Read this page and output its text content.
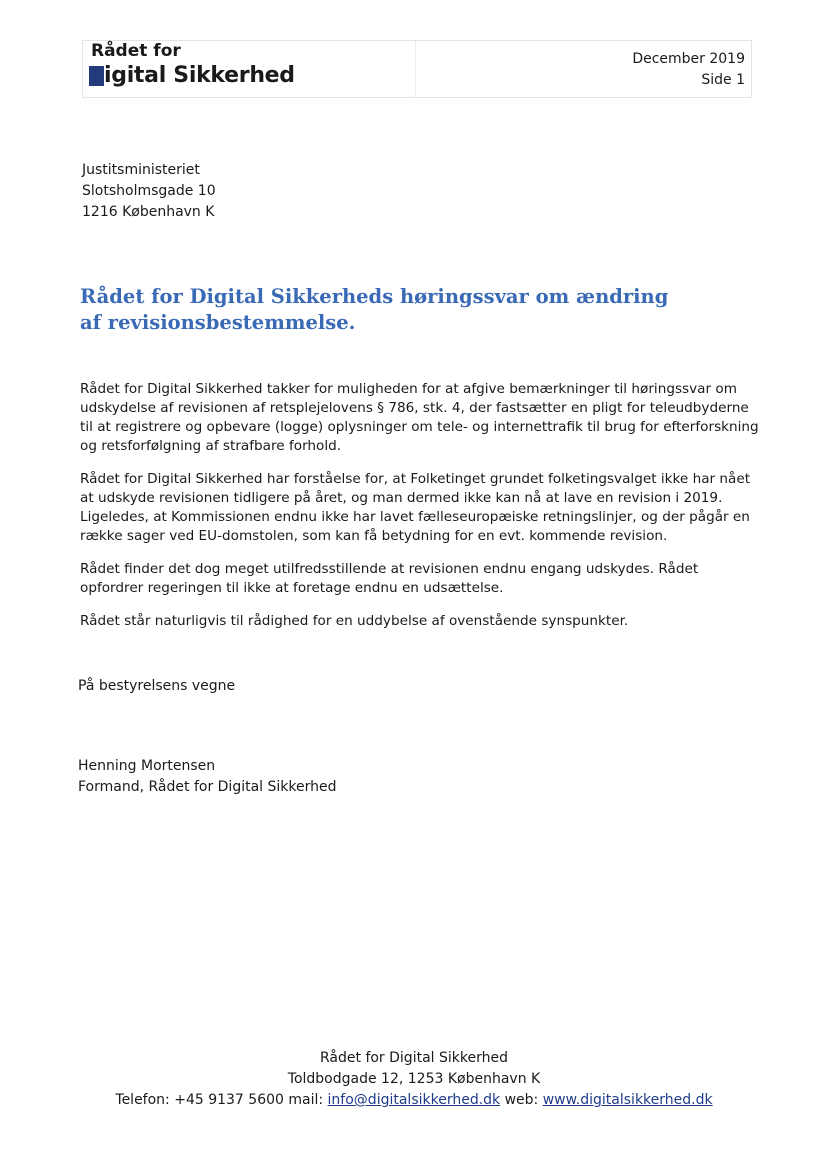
Rådet for
igital Sikkerhed
December 2019
Side 1
Justitsministeriet
Slotsholmsgade 10
1216 København K
Rådet for Digital Sikkerheds høringssvar om ændring af revisionsbestemmelse.

Rådet for Digital Sikkerhed takker for muligheden for at afgive bemærkninger til høringssvar om udskydelse af revisionen af retsplejelovens § 786, stk. 4, der fastsætter en pligt for teleudbyderne til at registrere og opbevare (logge) oplysninger om tele- og internettrafik til brug for efterforskning og retsforfølgning af strafbare forhold.

Rådet for Digital Sikkerhed har forståelse for, at Folketinget grundet folketingsvalget ikke har nået at udskyde revisionen tidligere på året, og man dermed ikke kan nå at lave en revision i 2019. Ligeledes, at Kommissionen endnu ikke har lavet fælleseuropæiske retningslinjer, og der pågår en række sager ved EU-domstolen, som kan få betydning for en evt. kommende revision.

Rådet finder det dog meget utilfredsstillende at revisionen endnu engang udskydes. Rådet opfordrer regeringen til ikke at foretage endnu en udsættelse.

Rådet står naturligvis til rådighed for en uddybelse af ovenstående synspunkter.

På bestyrelsens vegne
Henning Mortensen
Formand, Rådet for Digital Sikkerhed
Rådet for Digital Sikkerhed
Toldbodgade 12, 1253 København K
Telefon: +45 9137 5600 mail: info@digitalsikkerhed.dk web: www.digitalsikkerhed.dk
